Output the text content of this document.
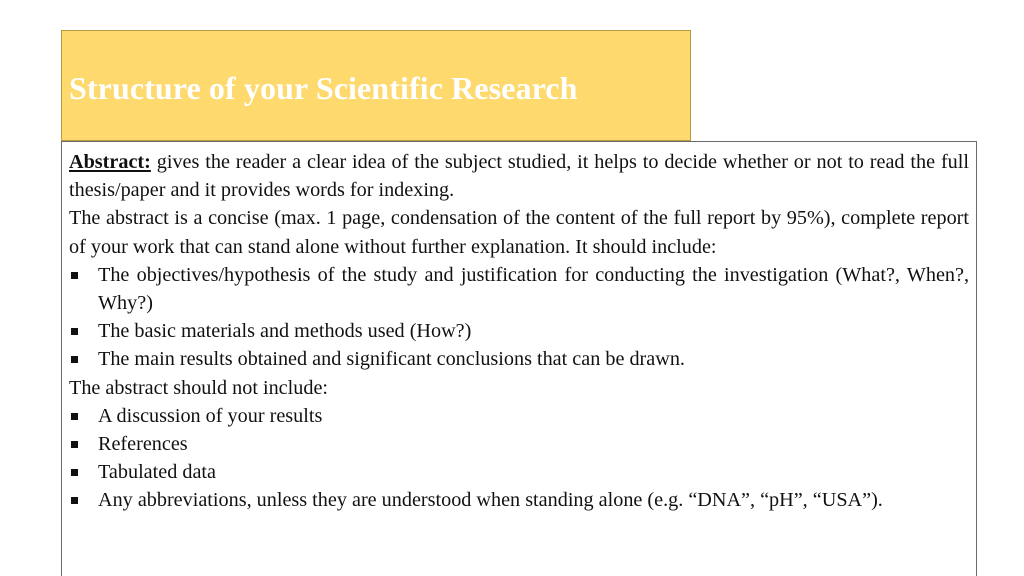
Structure of your Scientific Research

Abstract: gives the reader a clear idea of the subject studied, it helps to decide whether or not to read the full thesis/paper and it provides words for indexing.

The abstract is a concise (max. 1 page, condensation of the content of the full report by 95%), complete report of your work that can stand alone without further explanation. It should include:

The objectives/hypothesis of the study and justification for conducting the investigation (What?, When?, Why?)
The basic materials and methods used (How?)
The main results obtained and significant conclusions that can be drawn.

The abstract should not include:

A discussion of your results
References
Tabulated data
Any abbreviations, unless they are understood when standing alone (e.g. “DNA”, “pH”, “USA”).
